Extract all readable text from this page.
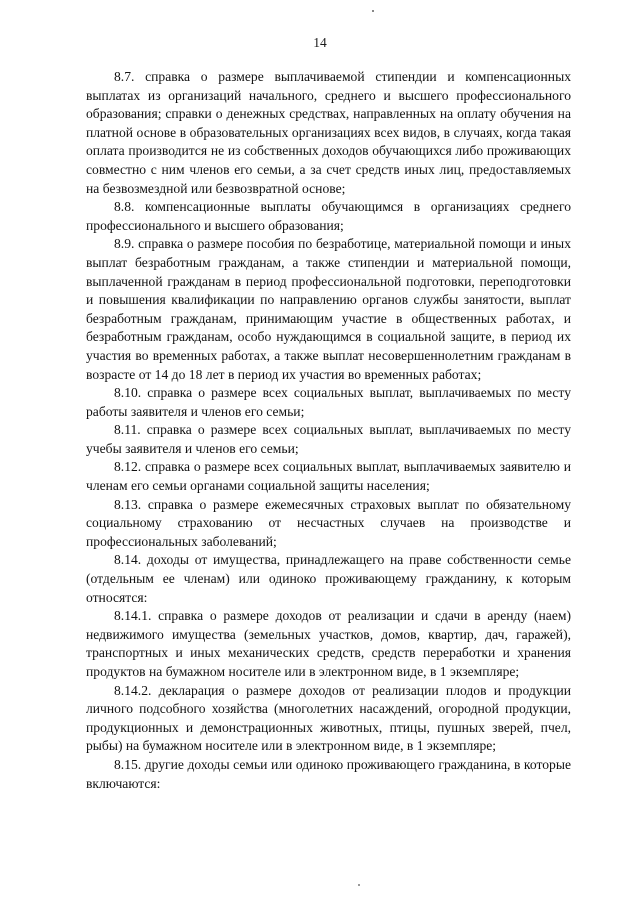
14

8.7. справка о размере выплачиваемой стипендии и компенсационных выплатах из организаций начального, среднего и высшего профессионального образования; справки о денежных средствах, направленных на оплату обучения на платной основе в образовательных организациях всех видов, в случаях, когда такая оплата производится не из собственных доходов обучающихся либо проживающих совместно с ним членов его семьи, а за счет средств иных лиц, предоставляемых на безвозмездной или безвозвратной основе;

8.8. компенсационные выплаты обучающимся в организациях среднего профессионального и высшего образования;

8.9. справка о размере пособия по безработице, материальной помощи и иных выплат безработным гражданам, а также стипендии и материальной помощи, выплаченной гражданам в период профессиональной подготовки, переподготовки и повышения квалификации по направлению органов службы занятости, выплат безработным гражданам, принимающим участие в общественных работах, и безработным гражданам, особо нуждающимся в социальной защите, в период их участия во временных работах, а также выплат несовершеннолетним гражданам в возрасте от 14 до 18 лет в период их участия во временных работах;

8.10. справка о размере всех социальных выплат, выплачиваемых по месту работы заявителя и членов его семьи;

8.11. справка о размере всех социальных выплат, выплачиваемых по месту учебы заявителя и членов его семьи;

8.12. справка о размере всех социальных выплат, выплачиваемых заявителю и членам его семьи органами социальной защиты населения;

8.13. справка о размере ежемесячных страховых выплат по обязательному социальному страхованию от несчастных случаев на производстве и профессиональных заболеваний;

8.14. доходы от имущества, принадлежащего на праве собственности семье (отдельным ее членам) или одиноко проживающему гражданину, к которым относятся:

8.14.1. справка о размере доходов от реализации и сдачи в аренду (наем) недвижимого имущества (земельных участков, домов, квартир, дач, гаражей), транспортных и иных механических средств, средств переработки и хранения продуктов на бумажном носителе или в электронном виде, в 1 экземпляре;

8.14.2. декларация о размере доходов от реализации плодов и продукции личного подсобного хозяйства (многолетних насаждений, огородной продукции, продукционных и демонстрационных животных, птицы, пушных зверей, пчел, рыбы) на бумажном носителе или в электронном виде, в 1 экземпляре;

8.15. другие доходы семьи или одиноко проживающего гражданина, в которые включаются:
